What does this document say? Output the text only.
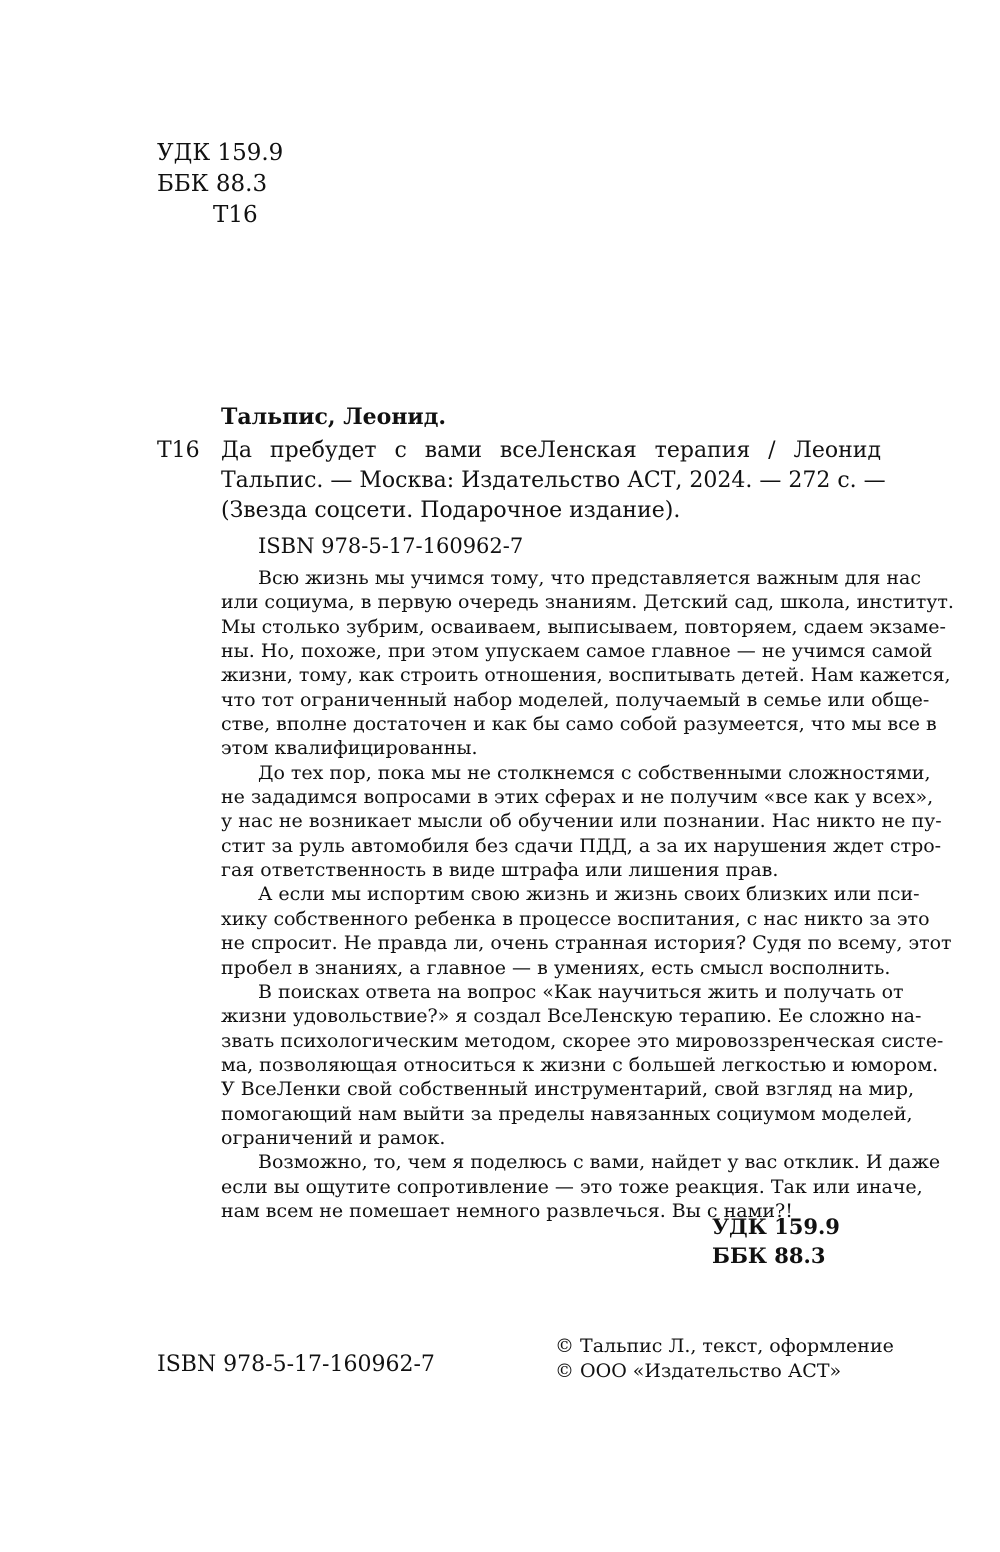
УДК 159.9
ББК 88.3
Т16
Тальпис, Леонид.
Т16 Да пребудет с вами всеЛенская терапия / Леонид
Тальпис. — Москва: Издательство АСТ, 2024. — 272 с. —
(Звезда соцсети. Подарочное издание).
ISBN 978-5-17-160962-7
Всю жизнь мы учимся тому, что представляется важным для нас
или социума, в первую очередь знаниям. Детский сад, школа, институт.
Мы столько зубрим, осваиваем, выписываем, повторяем, сдаем экзаме-
ны. Но, похоже, при этом упускаем самое главное — не учимся самой
жизни, тому, как строить отношения, воспитывать детей. Нам кажется,
что тот ограниченный набор моделей, получаемый в семье или обще-
стве, вполне достаточен и как бы само собой разумеется, что мы все в
этом квалифицированны.
До тех пор, пока мы не столкнемся с собственными сложностями,
не зададимся вопросами в этих сферах и не получим «все как у всех»,
у нас не возникает мысли об обучении или познании. Нас никто не пу-
стит за руль автомобиля без сдачи ПДД, а за их нарушения ждет стро-
гая ответственность в виде штрафа или лишения прав.
А если мы испортим свою жизнь и жизнь своих близких или пси-
хику собственного ребенка в процессе воспитания, с нас никто за это
не спросит. Не правда ли, очень странная история? Судя по всему, этот
пробел в знаниях, а главное — в умениях, есть смысл восполнить.
В поисках ответа на вопрос «Как научиться жить и получать от
жизни удовольствие?» я создал ВсеЛенскую терапию. Ее сложно на-
звать психологическим методом, скорее это мировоззренческая систе-
ма, позволяющая относиться к жизни с большей легкостью и юмором.
У ВсеЛенки свой собственный инструментарий, свой взгляд на мир,
помогающий нам выйти за пределы навязанных социумом моделей,
ограничений и рамок.
Возможно, то, чем я поделюсь с вами, найдет у вас отклик. И даже
если вы ощутите сопротивление — это тоже реакция. Так или иначе,
нам всем не помешает немного развлечься. Вы с нами?!
УДК 159.9
ББК 88.3
ISBN 978-5-17-160962-7
© Тальпис Л., текст, оформление
© ООО «Издательство АСТ»
